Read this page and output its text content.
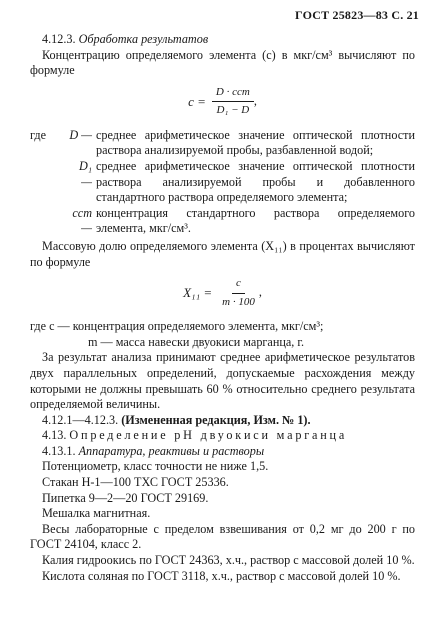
ГОСТ 25823—83 С. 21

4.12.3. Обработка результатов

Концентрацию определяемого элемента (c) в мкг/см³ вычисляют по формуле

$c = \frac{\text{D · cст}}{\text{D₁ − D}}$ ,
где	D — среднее арифметическое значение оптической плотности раствора анализируемой пробы, разбавленной водой;
D₁ —
среднее арифметическое значение оптической плотности раствора анализируемой пробы и добавленного стандартного раствора определяемого элемента;
cст —
концентрация стандартного раствора определяемого элемента, мкг/см³.

Массовую долю определяемого элемента (X₁₁) в процентах вычисляют по формуле

$X_{11} = \frac{c}{m \cdot 100}$ ,

где c — концентрация определяемого элемента, мкг/см³;

m — масса навески двуокиси марганца, г.

За результат анализа принимают среднее арифметическое результатов двух параллельных определений, допускаемые расхождения между которыми не должны превышать 60 % относительно среднего результата определяемой величины.

4.12.1—4.12.3. (Измененная редакция, Изм. № 1).

4.13. Определение рН двуокиси марганца

4.13.1. Аппаратура, реактивы и растворы

Потенциометр, класс точности не ниже 1,5.

Стакан Н-1—100 ТХС ГОСТ 25336.

Пипетка 9—2—20 ГОСТ 29169.

Мешалка магнитная.

Весы лабораторные с пределом взвешивания от 0,2 мг до 200 г по ГОСТ 24104, класс 2.

Калия гидроокись по ГОСТ 24363, х.ч., раствор с массовой долей 10 %.

Кислота соляная по ГОСТ 3118, х.ч., раствор с массовой долей 10 %.
